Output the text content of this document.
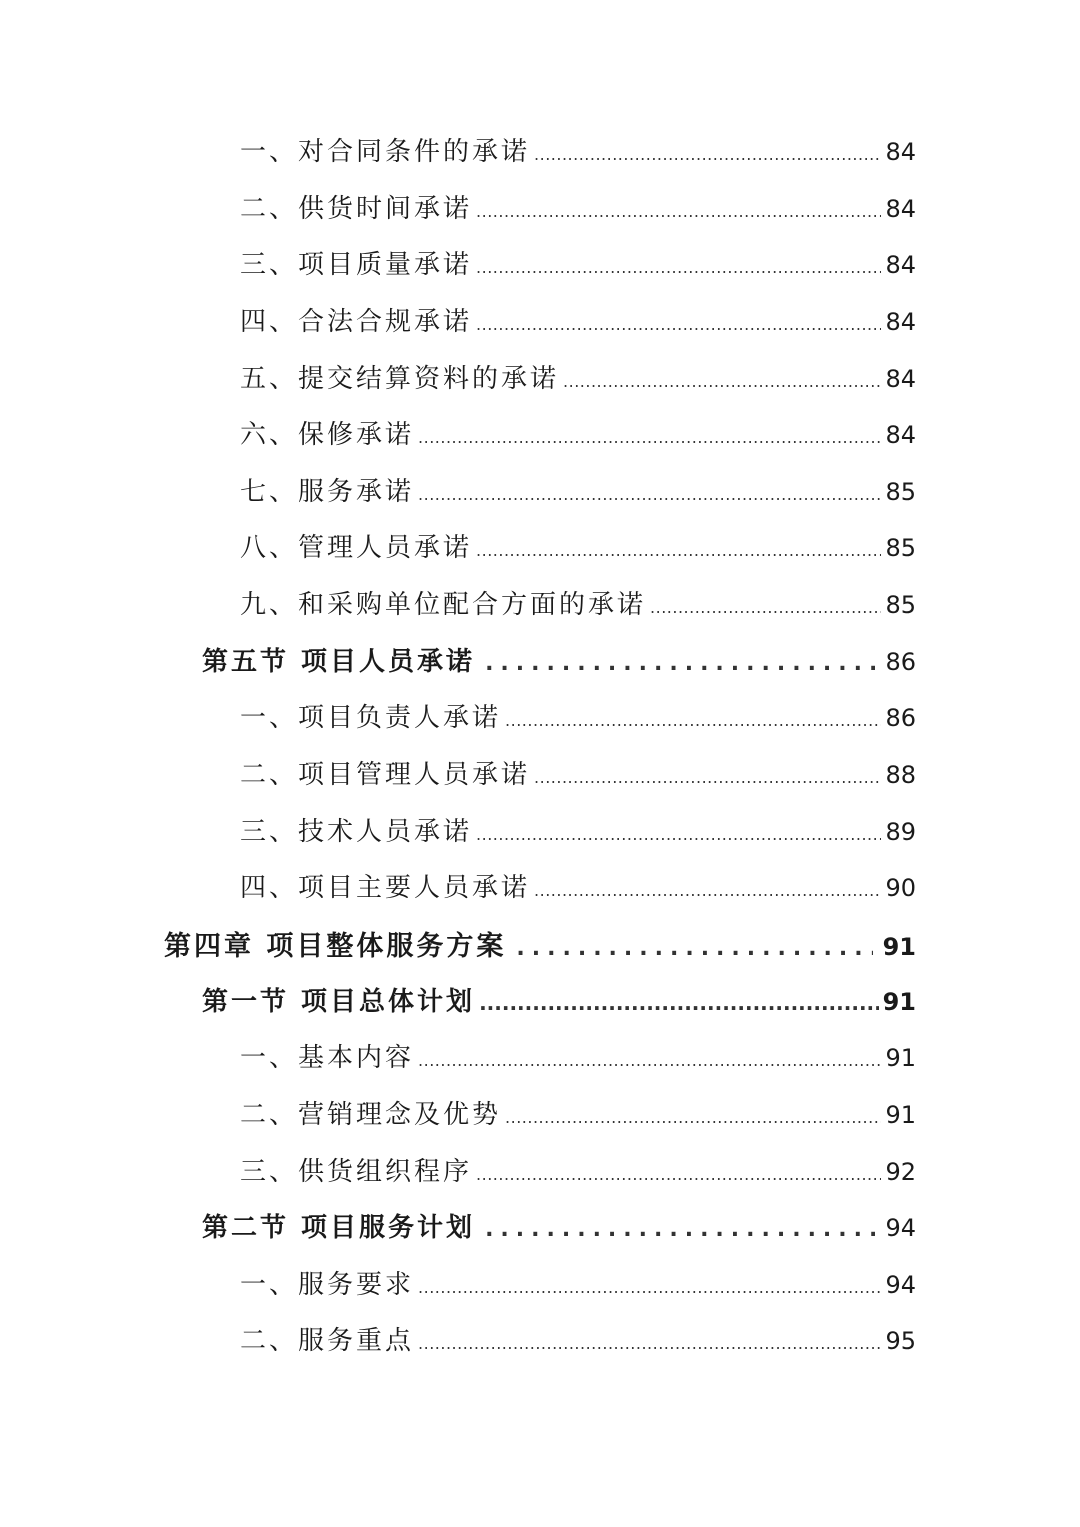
一、对合同条件的承诺 .....	84
二、供货时间承诺 .....	84
三、项目质量承诺 .....	84
四、合法合规承诺 .....	84
五、提交结算资料的承诺 .....	84
六、保修承诺 .....	84
七、服务承诺 .....	85
八、管理人员承诺 .....	85
九、和采购单位配合方面的承诺 .....	85
第五节 项目人员承诺 .....	86
一、项目负责人承诺 .....	86
二、项目管理人员承诺 .....	88
三、技术人员承诺 .....	89
四、项目主要人员承诺 .....	90
第四章 项目整体服务方案 .....	91
第一节 项目总体计划 .....	91
一、基本内容 .....	91
二、营销理念及优势 .....	91
三、供货组织程序 .....	92
第二节 项目服务计划 .....	94
一、服务要求 .....	94
二、服务重点 .....	95
